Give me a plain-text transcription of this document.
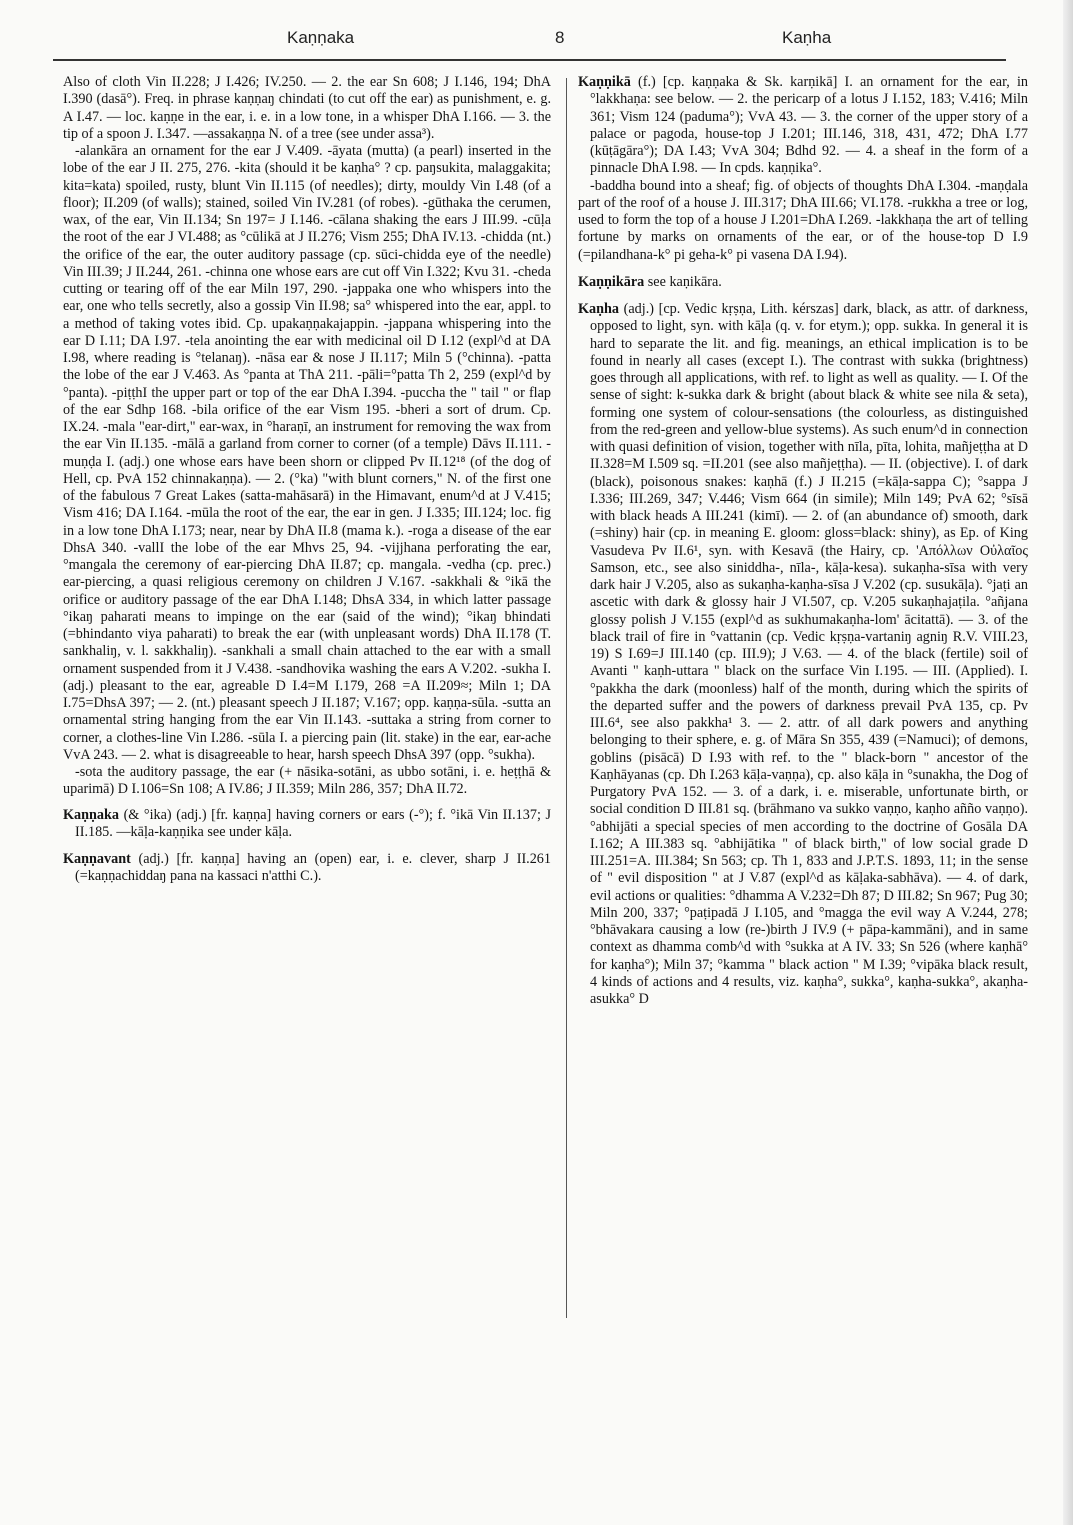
Kaṇṇaka	8	Kaṇha

Also of cloth Vin II.228; J I.426; IV.250. — 2. the ear Sn 608; J I.146, 194; DhA I.390 (dasā°). Freq. in phrase kaṇṇaŋ chindati (to cut off the ear) as punishment, e. g. A I.47. — loc. kaṇṇe in the ear, i. e. in a low tone, in a whisper DhA I.166. — 3. the tip of a spoon J. I.347. —assakaṇṇa N. of a tree (see under assa³).

-alankāra an ornament for the ear J V.409. -āyata (mutta) (a pearl) inserted in the lobe of the ear J II. 275, 276. -kita (should it be kaṇha° ? cp. paŋsukita, malaggakita; kita=kata) spoiled, rusty, blunt Vin II.115 (of needles); dirty, mouldy Vin I.48 (of a floor); II.209 (of walls); stained, soiled Vin IV.281 (of robes). -gūthaka the cerumen, wax, of the ear, Vin II.134; Sn 197= J I.146. -cālana shaking the ears J III.99. -cūḷa the root of the ear J VI.488; as °cūlikā at J II.276; Vism 255; DhA IV.13. -chidda (nt.) the orifice of the ear, the outer auditory passage (cp. sūci-chidda eye of the needle) Vin III.39; J II.244, 261. -chinna one whose ears are cut off Vin I.322; Kvu 31. -cheda cutting or tearing off of the ear Miln 197, 290. -jappaka one who whispers into the ear, one who tells secretly, also a gossip Vin II.98; sa° whispered into the ear, appl. to a method of taking votes ibid. Cp. upakaṇṇakajappin. -jappana whispering into the ear D I.11; DA I.97. -tela anointing the ear with medicinal oil D I.12 (expl^d at DA I.98, where reading is °telanaŋ). -nāsa ear & nose J II.117; Miln 5 (°chinna). -patta the lobe of the ear J V.463. As °panta at ThA 211. -pāli=°patta Th 2, 259 (expl^d by °panta). -piṭṭhI the upper part or top of the ear DhA I.394. -puccha the " tail " or flap of the ear Sdhp 168. -bila orifice of the ear Vism 195. -bheri a sort of drum. Cp. IX.24. -mala "ear-dirt," ear-wax, in °haraṇī, an instrument for removing the wax from the ear Vin II.135. -mālā a garland from corner to corner (of a temple) Dāvs II.111. -muṇḍa I. (adj.) one whose ears have been shorn or clipped Pv II.12¹⁸ (of the dog of Hell, cp. PvA 152 chinnakaṇṇa). — 2. (°ka) "with blunt corners," N. of the first one of the fabulous 7 Great Lakes (satta-mahāsarā) in the Himavant, enum^d at J V.415; Vism 416; DA I.164. -mūla the root of the ear, the ear in gen. J I.335; III.124; loc. fig in a low tone DhA I.173; near, near by DhA II.8 (mama k.). -roga a disease of the ear DhsA 340. -vallI the lobe of the ear Mhvs 25, 94. -vijjhana perforating the ear, °mangala the ceremony of ear-piercing DhA II.87; cp. mangala. -vedha (cp. prec.) ear-piercing, a quasi religious ceremony on children J V.167. -sakkhali & °ikā the orifice or auditory passage of the ear DhA I.148; DhsA 334, in which latter passage °ikaŋ paharati means to impinge on the ear (said of the wind); °ikaŋ bhindati (=bhindanto viya paharati) to break the ear (with unpleasant words) DhA II.178 (T. sankhaliŋ, v. l. sakkhaliŋ). -sankhali a small chain attached to the ear with a small ornament suspended from it J V.438. -sandhovika washing the ears A V.202. -sukha I. (adj.) pleasant to the ear, agreable D I.4=M I.179, 268 =A II.209≈; Miln 1; DA I.75=DhsA 397; — 2. (nt.) pleasant speech J II.187; V.167; opp. kaṇṇa-sūla. -sutta an ornamental string hanging from the ear Vin II.143. -suttaka a string from corner to corner, a clothes-line Vin I.286. -sūla I. a piercing pain (lit. stake) in the ear, ear-ache VvA 243. — 2. what is disagreeable to hear, harsh speech DhsA 397 (opp. °sukha).

-sota the auditory passage, the ear (+ nāsika-sotāni, as ubbo sotāni, i. e. heṭṭhā & uparimā) D I.106=Sn 108; A IV.86; J II.359; Miln 286, 357; DhA II.72.

Kaṇṇaka (& °ika) (adj.) [fr. kaṇṇa] having corners or ears (-°); f. °ikā Vin II.137; J II.185. —kāḷa-kaṇṇika see under kāḷa.
Kaṇṇavant (adj.) [fr. kaṇṇa] having an (open) ear, i. e. clever, sharp J II.261 (=kaṇṇachiddaŋ pana na kassaci n'atthi C.).
Kaṇṇikā (f.) [cp. kaṇṇaka & Sk. karṇikā] I. an ornament for the ear, in °lakkhaṇa: see below. — 2. the pericarp of a lotus J I.152, 183; V.416; Miln 361; Vism 124 (paduma°); VvA 43. — 3. the corner of the upper story of a palace or pagoda, house-top J I.201; III.146, 318, 431, 472; DhA I.77 (kūṭāgāra°); DA I.43; VvA 304; Bdhd 92. — 4. a sheaf in the form of a pinnacle DhA I.98. — In cpds. kaṇṇika°.

-baddha bound into a sheaf; fig. of objects of thoughts DhA I.304. -maṇḍala part of the roof of a house J. III.317; DhA III.66; VI.178. -rukkha a tree or log, used to form the top of a house J I.201=DhA I.269. -lakkhaṇa the art of telling fortune by marks on ornaments of the ear, or of the house-top D I.9 (=pilandhana-k° pi geha-k° pi vasena DA I.94).

Kaṇṇikāra see kaṇikāra.
Kaṇha (adj.) [cp. Vedic kṛṣṇa, Lith. kérszas] dark, black, as attr. of darkness, opposed to light, syn. with kāḷa (q. v. for etym.); opp. sukka. In general it is hard to separate the lit. and fig. meanings, an ethical implication is to be found in nearly all cases (except I.). The contrast with sukka (brightness) goes through all applications, with ref. to light as well as quality. — I. Of the sense of sight: k-sukka dark & bright (about black & white see nila & seta), forming one system of colour-sensations (the colourless, as distinguished from the red-green and yellow-blue systems). As such enum^d in connection with quasi definition of vision, together with nīla, pīta, lohita, mañjeṭṭha at D II.328=M I.509 sq. =II.201 (see also mañjeṭṭha). — II. (objective). I. of dark (black), poisonous snakes: kaṇhā (f.) J II.215 (=kāḷa-sappa C); °sappa J I.336; III.269, 347; V.446; Vism 664 (in simile); Miln 149; PvA 62; °sīsā with black heads A III.241 (kimī). — 2. of (an abundance of) smooth, dark (=shiny) hair (cp. in meaning E. gloom: gloss=black: shiny), as Ep. of King Vasudeva Pv II.6¹, syn. with Kesavā (the Hairy, cp. 'Απόλλων Οὐλαῖος Samson, etc., see also siniddha-, nīla-, kāḷa-kesa). sukaṇha-sīsa with very dark hair J V.205, also as sukaṇha-kaṇha-sīsa J V.202 (cp. susukāḷa). °jaṭi an ascetic with dark & glossy hair J VI.507, cp. V.205 sukaṇhajaṭila. °añjana glossy polish J V.155 (expl^d as sukhumakaṇha-lom' ācitattā). — 3. of the black trail of fire in °vattanin (cp. Vedic kṛṣṇa-vartaniŋ agniŋ R.V. VIII.23, 19) S I.69=J III.140 (cp. III.9); J V.63. — 4. of the black (fertile) soil of Avanti " kaṇh-uttara " black on the surface Vin I.195. — III. (Applied). I. °pakkha the dark (moonless) half of the month, during which the spirits of the departed suffer and the powers of darkness prevail PvA 135, cp. Pv III.6⁴, see also pakkha¹ 3. — 2. attr. of all dark powers and anything belonging to their sphere, e. g. of Māra Sn 355, 439 (=Namuci); of demons, goblins (pisācā) D I.93 with ref. to the " black-born " ancestor of the Kaṇhāyanas (cp. Dh I.263 kāḷa-vaṇṇa), cp. also kāḷa in °sunakha, the Dog of Purgatory PvA 152. — 3. of a dark, i. e. miserable, unfortunate birth, or social condition D III.81 sq. (brāhmano va sukko vaṇṇo, kaṇho añño vaṇṇo). °abhijāti a special species of men according to the doctrine of Gosāla DA I.162; A III.383 sq. °abhijātika " of black birth," of low social grade D III.251=A. III.384; Sn 563; cp. Th 1, 833 and J.P.T.S. 1893, 11; in the sense of " evil disposition " at J V.87 (expl^d as kāḷaka-sabhāva). — 4. of dark, evil actions or qualities: °dhamma A V.232=Dh 87; D III.82; Sn 967; Pug 30; Miln 200, 337; °paṭipadā J I.105, and °magga the evil way A V.244, 278; °bhāvakara causing a low (re-)birth J IV.9 (+ pāpa-kammāni), and in same context as dhamma comb^d with °sukka at A IV. 33; Sn 526 (where kaṇhā° for kaṇha°); Miln 37; °kamma " black action " M I.39; °vipāka black result, 4 kinds of actions and 4 results, viz. kaṇha°, sukka°, kaṇha-sukka°, akaṇha-asukka° D
